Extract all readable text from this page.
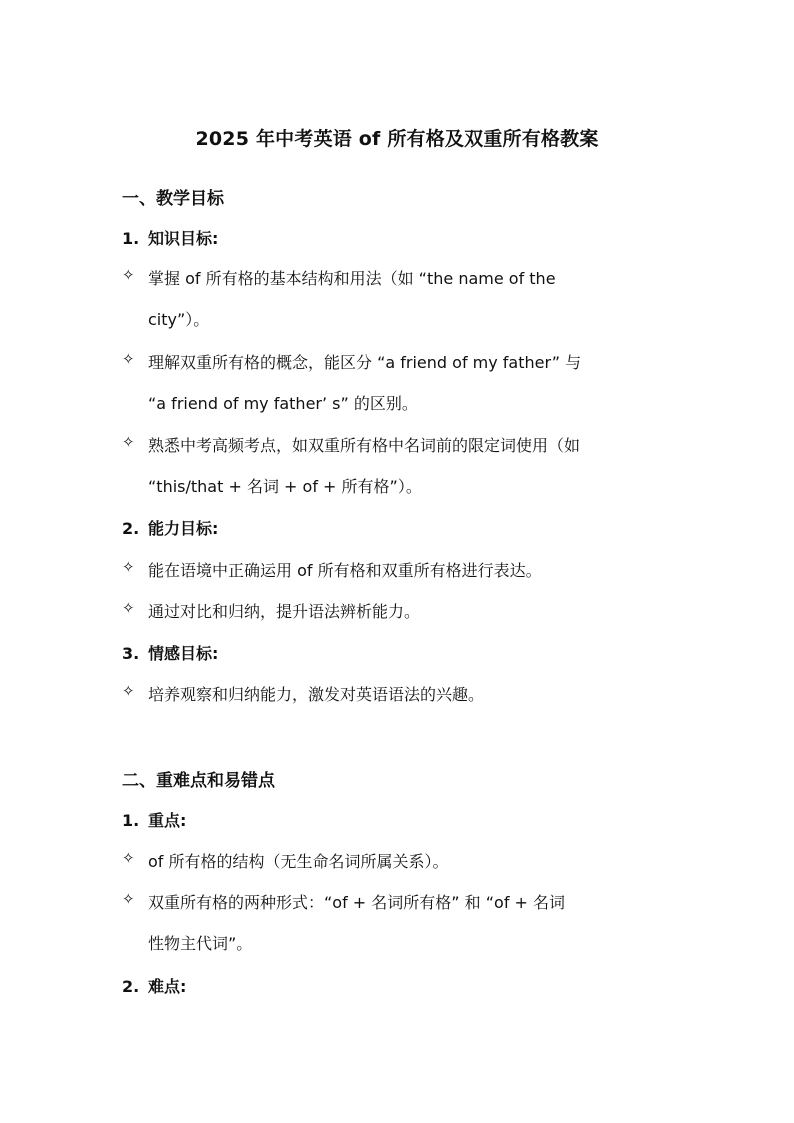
2025 年中考英语 of 所有格及双重所有格教案
一、教学目标
1. 知识目标:
✧ 掌握 of 所有格的基本结构和用法（如 “the name of the
city”）。
✧ 理解双重所有格的概念，能区分 “a friend of my father” 与
“a friend of my father’ s” 的区别。
✧ 熟悉中考高频考点，如双重所有格中名词前的限定词使用（如
“this/that + 名词 + of + 所有格”）。
2. 能力目标:
✧ 能在语境中正确运用 of 所有格和双重所有格进行表达。
✧ 通过对比和归纳，提升语法辨析能力。
3. 情感目标:
✧ 培养观察和归纳能力，激发对英语语法的兴趣。
二、重难点和易错点
1. 重点:
✧ of 所有格的结构（无生命名词所属关系）。
✧ 双重所有格的两种形式：“of + 名词所有格” 和 “of + 名词
性物主代词”。
2. 难点:
